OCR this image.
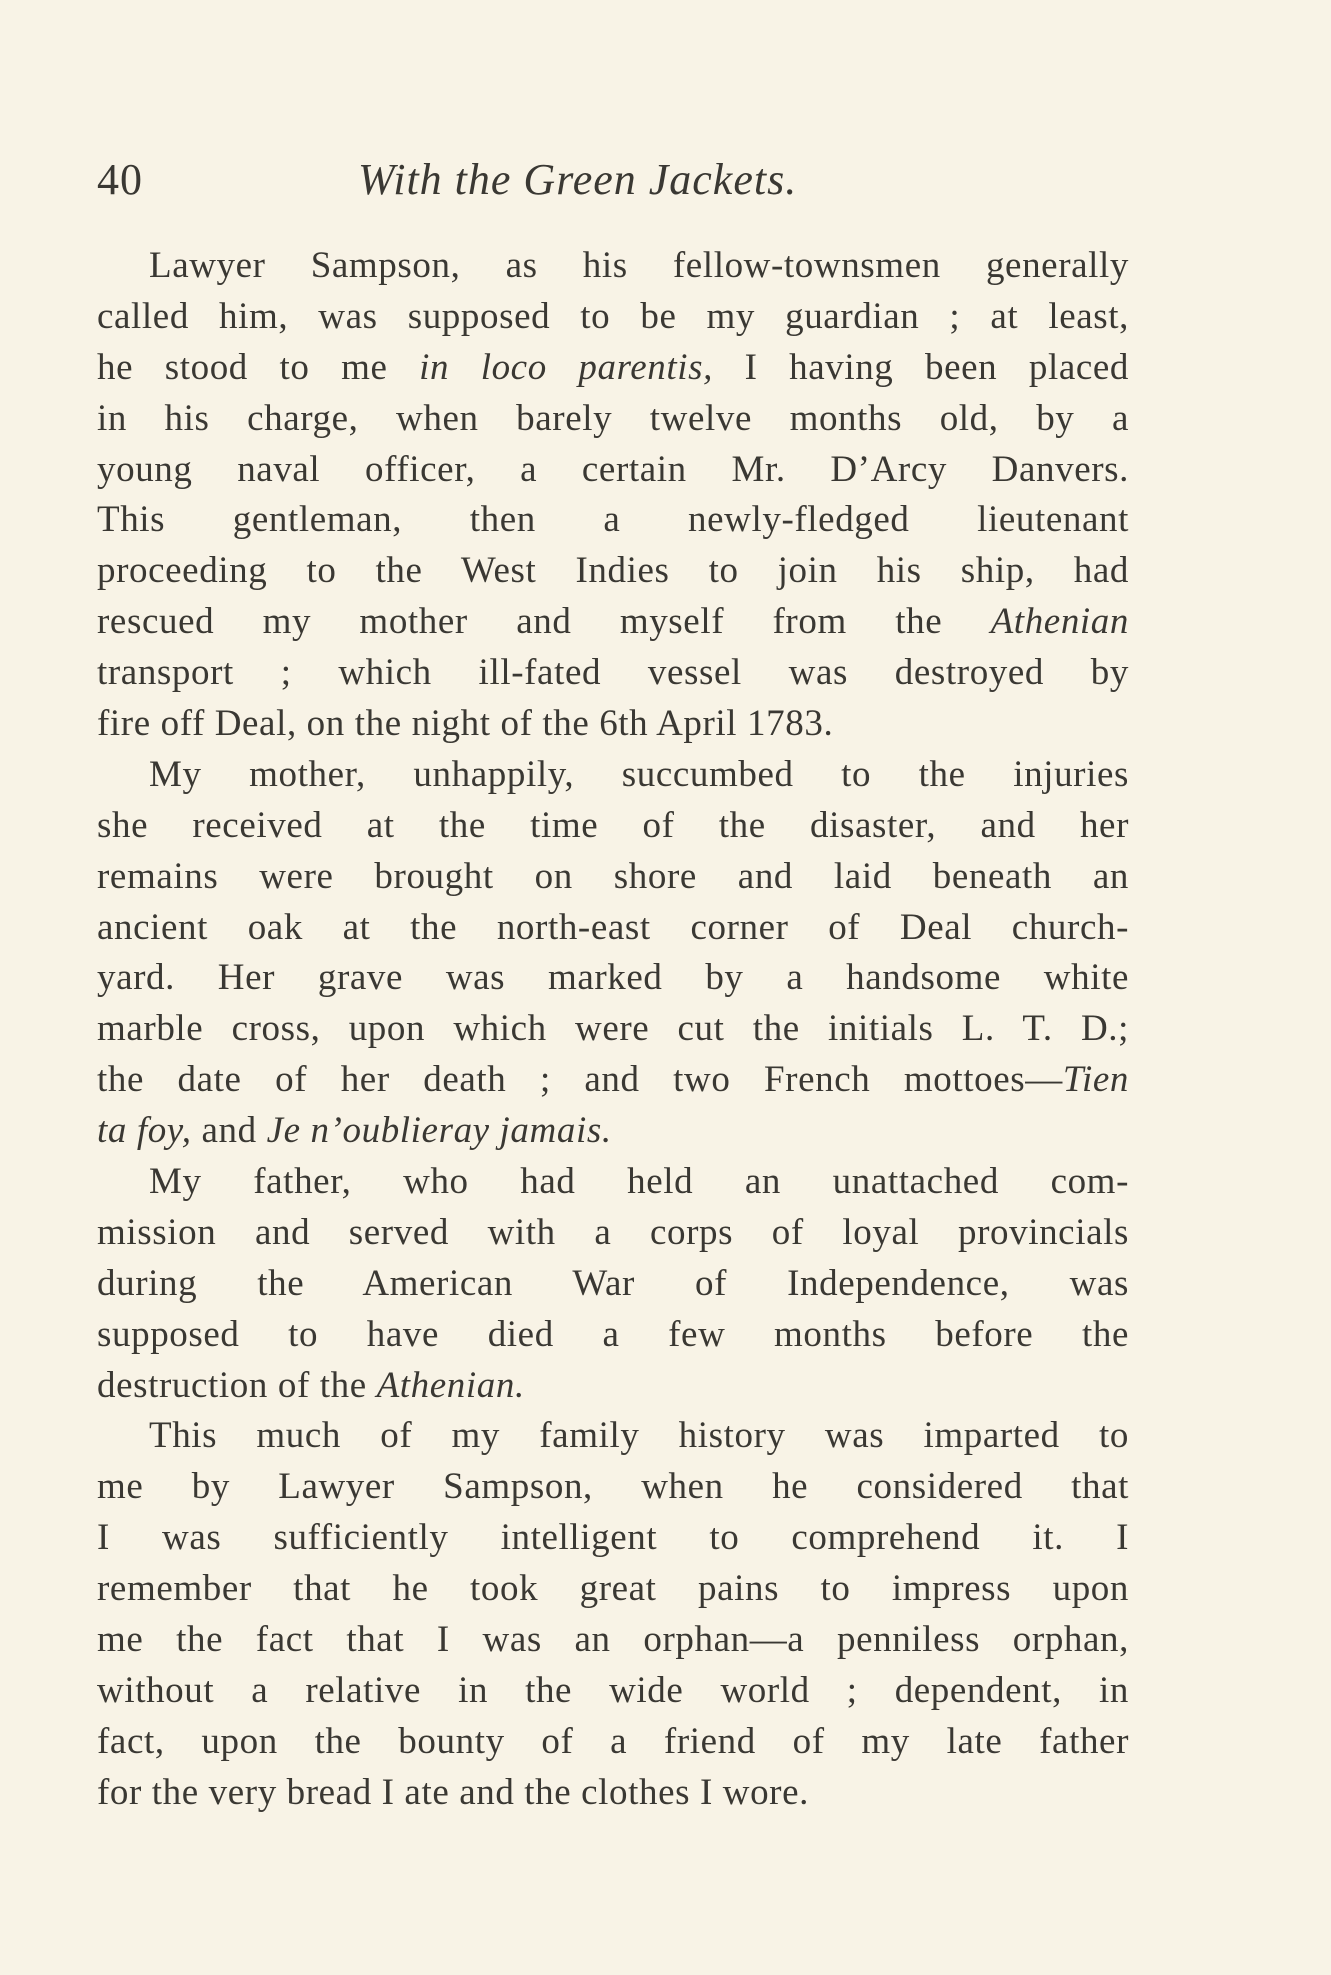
40	With the Green Jackets.
Lawyer Sampson, as his fellow-townsmen generally
called him, was supposed to be my guardian ; at least,
he stood to me in loco parentis, I having been placed
in his charge, when barely twelve months old, by a
young naval officer, a certain Mr. D’Arcy Danvers.
This gentleman, then a newly-fledged lieutenant
proceeding to the West Indies to join his ship, had
rescued my mother and myself from the Athenian
transport ; which ill-fated vessel was destroyed by
fire off Deal, on the night of the 6th April 1783.
My mother, unhappily, succumbed to the injuries
she received at the time of the disaster, and her
remains were brought on shore and laid beneath an
ancient oak at the north-east corner of Deal church-
yard. Her grave was marked by a handsome white
marble cross, upon which were cut the initials L. T. D.;
the date of her death ; and two French mottoes—Tien
ta foy, and Je n’oublieray jamais.
My father, who had held an unattached com-
mission and served with a corps of loyal provincials
during the American War of Independence, was
supposed to have died a few months before the
destruction of the Athenian.
This much of my family history was imparted to
me by Lawyer Sampson, when he considered that
I was sufficiently intelligent to comprehend it. I
remember that he took great pains to impress upon
me the fact that I was an orphan—a penniless orphan,
without a relative in the wide world ; dependent, in
fact, upon the bounty of a friend of my late father
for the very bread I ate and the clothes I wore.
